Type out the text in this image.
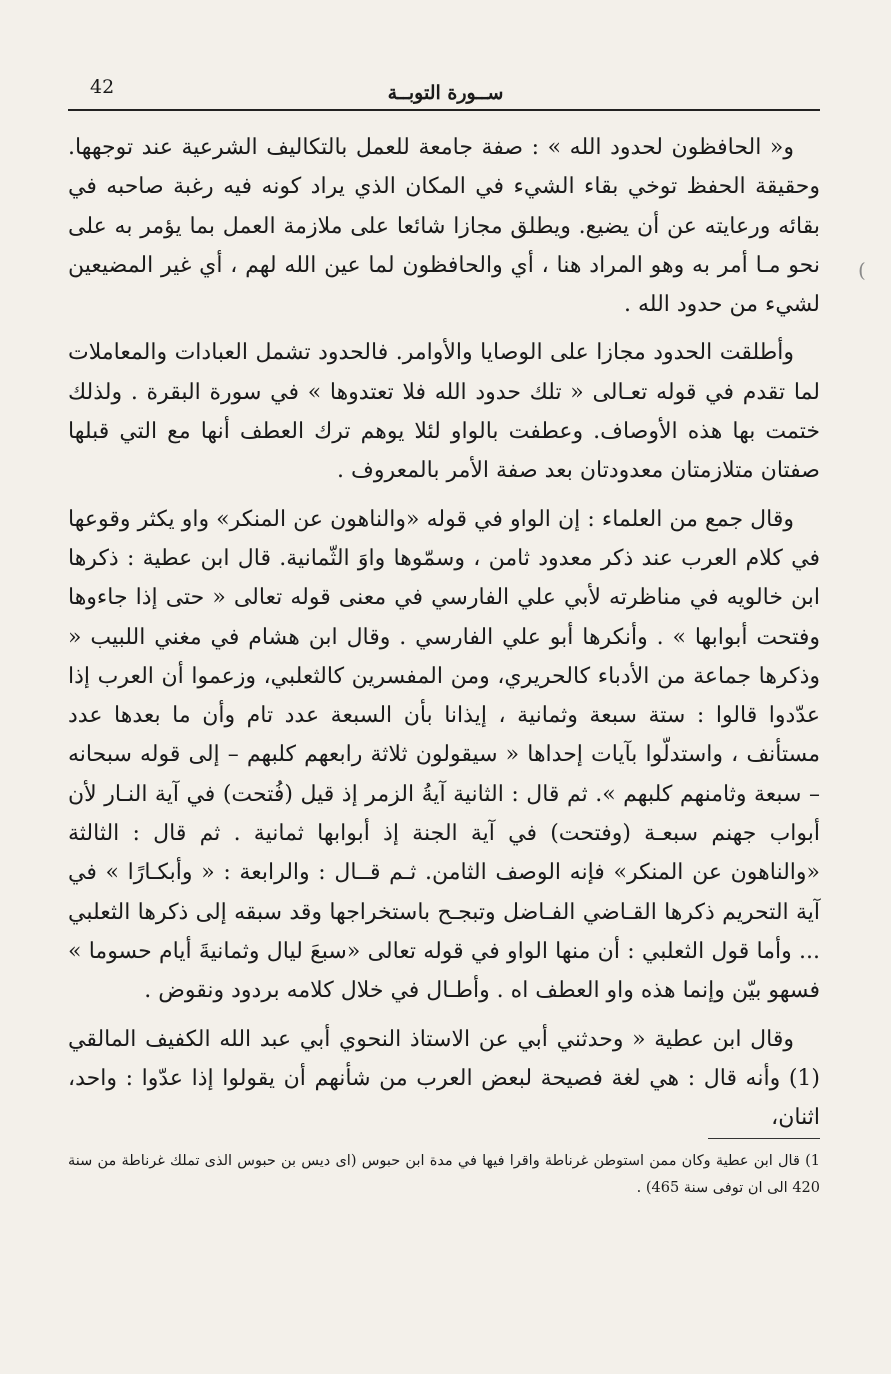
42	ســورة التوبــة

و« الحافظون لحدود الله » : صفة جامعة للعمل بالتكاليف الشرعية عند توجهها. وحقيقة الحفظ توخي بقاء الشيء في المكان الذي يراد كونه فيه رغبة صاحبه في بقائه ورعايته عن أن يضيع. ويطلق مجازا شائعا على ملازمة العمل بما يؤمر به على نحو مـا أمر به وهو المراد هنا ، أي والحافظون لما عين الله لهم ، أي غير المضيعين لشيء من حدود الله .

وأطلقت الحدود مجازا على الوصايا والأوامر. فالحدود تشمل العبادات والمعاملات لما تقدم في قوله تعـالى « تلك حدود الله فلا تعتدوها » في سورة البقرة . ولذلك ختمت بها هذه الأوصاف. وعطفت بالواو لئلا يوهم ترك العطف أنها مع التي قبلها صفتان متلازمتان معدودتان بعد صفة الأمر بالمعروف .

وقال جمع من العلماء : إن الواو في قوله «والناهون عن المنكر» واو يكثر وقوعها في كلام العرب عند ذكر معدود ثامن ، وسمّوها واوَ الثّمانية. قال ابن عطية : ذكرها ابن خالويه في مناظرته لأبي علي الفارسي في معنى قوله تعالى « حتى إذا جاءوها وفتحت أبوابها » . وأنكرها أبو علي الفارسي . وقال ابن هشام في مغني اللبيب « وذكرها جماعة من الأدباء كالحريري، ومن المفسرين كالثعلبي، وزعموا أن العرب إذا عدّدوا قالوا : ستة سبعة وثمانية ، إيذانا بأن السبعة عدد تام وأن ما بعدها عدد مستأنف ، واستدلّوا بآيات إحداها « سيقولون ثلاثة رابعهم كلبهم – إلى قوله سبحانه – سبعة وثامنهم كلبهم ». ثم قال : الثانية آيةُ الزمر إذ قيل (فُتحت) في آية النـار لأن أبواب جهنم سبعـة (وفتحت) في آية الجنة إذ أبوابها ثمانية . ثم قال : الثالثة «والناهون عن المنكر» فإنه الوصف الثامن. ثـم قــال : والرابعة : « وأبكـارًا » في آية التحريم ذكرها القـاضي الفـاضل وتبجـح باستخراجها وقد سبقه إلى ذكرها الثعلبي ... وأما قول الثعلبي : أن منها الواو في قوله تعالى «سبعَ ليال وثمانيةَ أيام حسوما » فسهو بيّن وإنما هذه واو العطف اه . وأطـال في خلال كلامه بردود ونقوض .

وقال ابن عطية « وحدثني أبي عن الاستاذ النحوي أبي عبد الله الكفيف المالقي (1) وأنه قال : هي لغة فصيحة لبعض العرب من شأنهم أن يقولوا إذا عدّوا : واحد، اثنان،

(
1) قال ابن عطية وكان ممن استوطن غرناطة واقرا فيها في مدة ابن حبوس (اى ديس بن حبوس الذى تملك غرناطة من سنة 420 الى ان توفى سنة 465) .
